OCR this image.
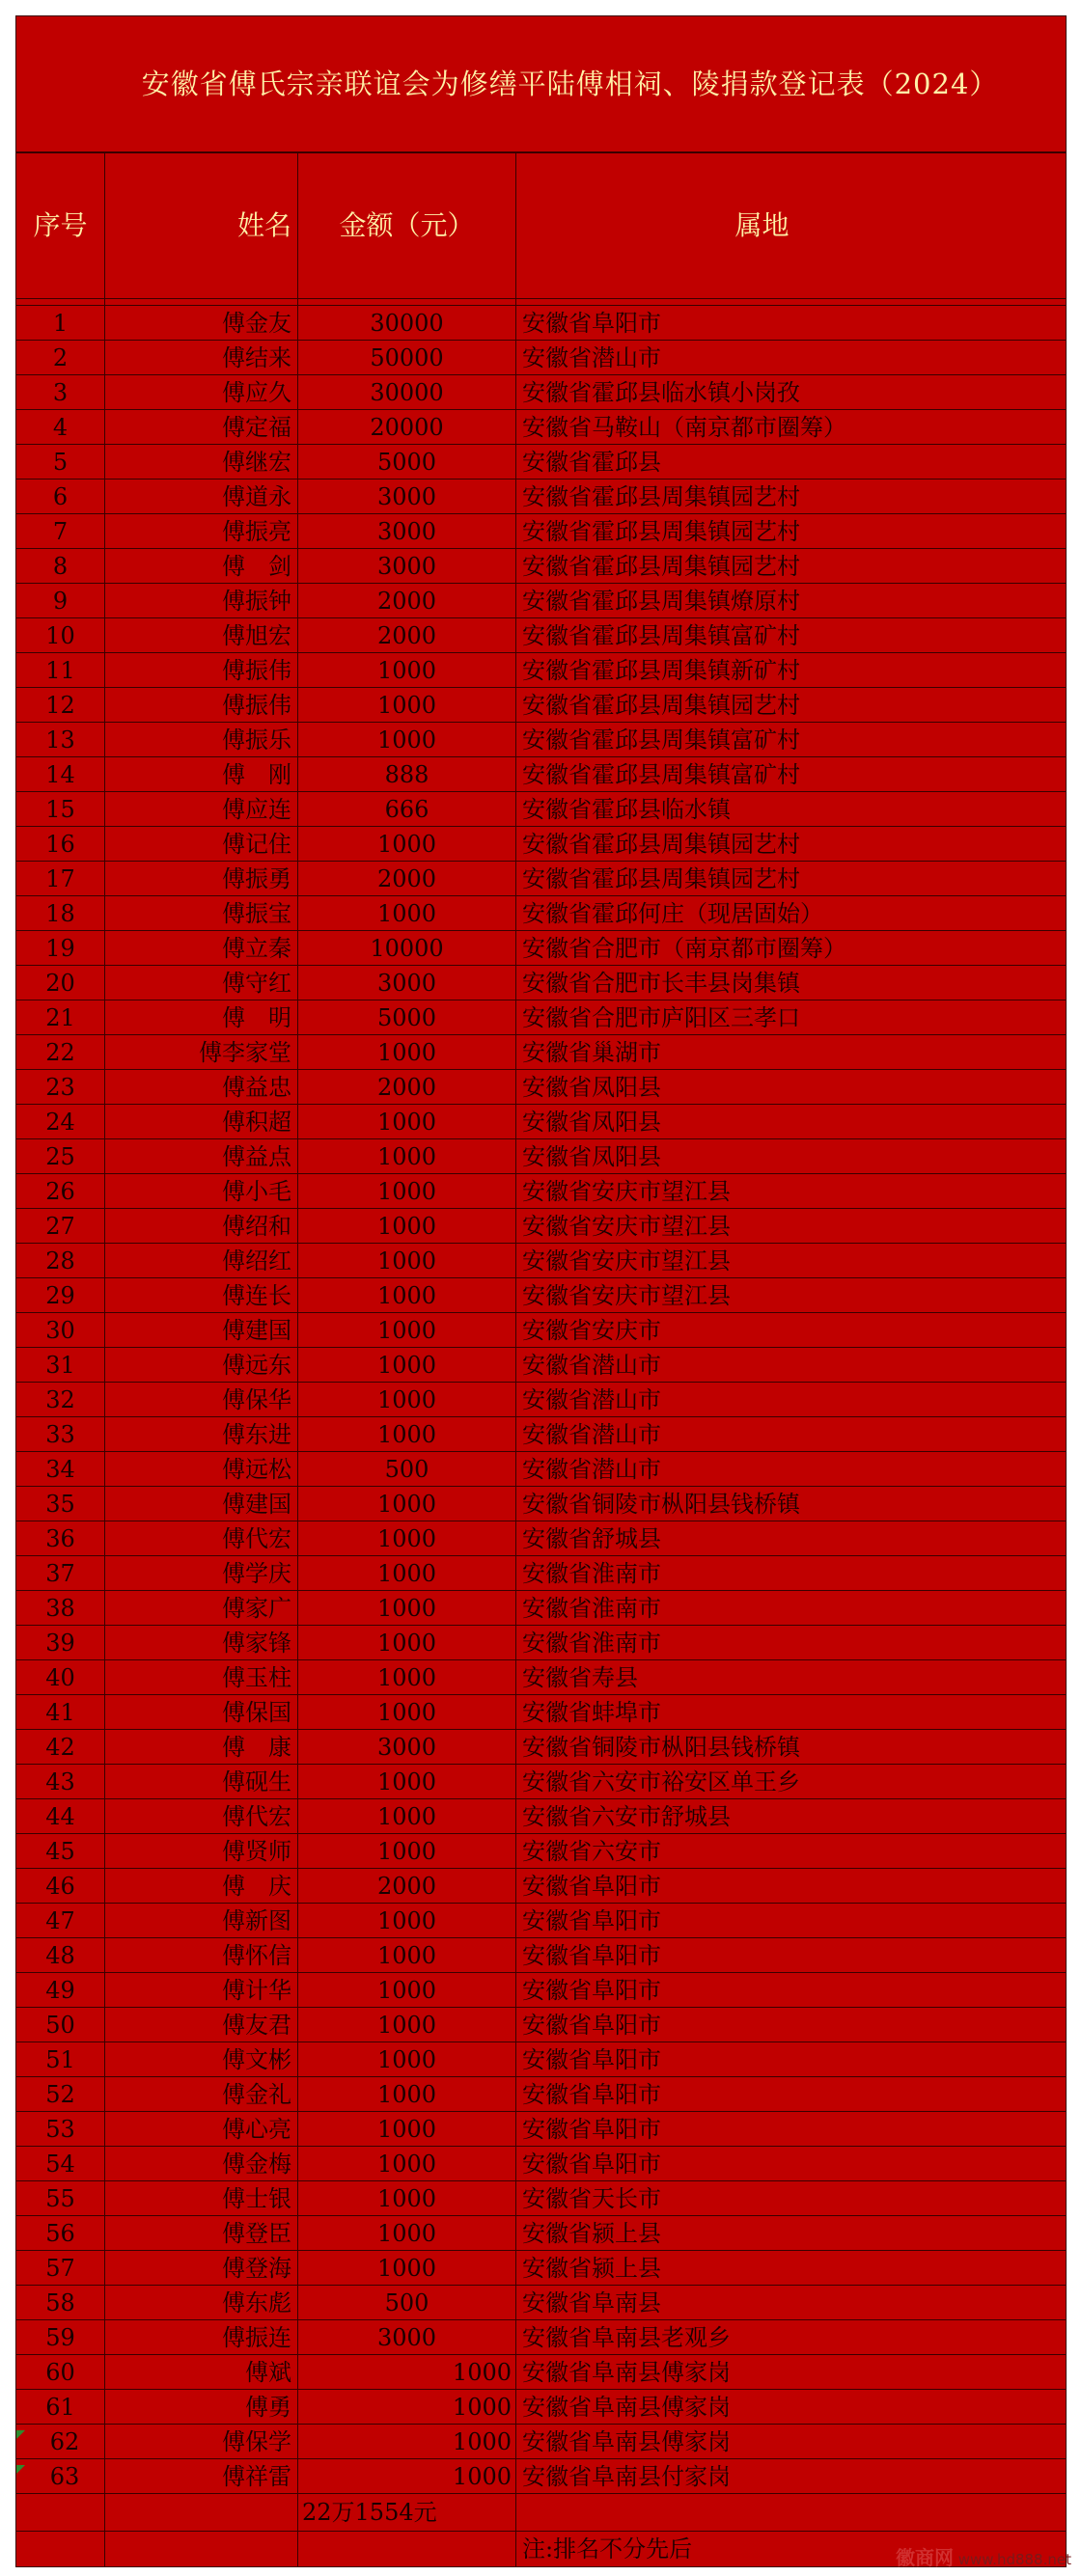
安徽省傅氏宗亲联谊会为修缮平陆傅相祠、陵捐款登记表（2024）			
序号	姓名	金额（元）	属地

1	傅金友	30000	安徽省阜阳市
2	傅结来	50000	安徽省潜山市
3	傅应久	30000	安徽省霍邱县临水镇小岗孜
4	傅定福	20000	安徽省马鞍山（南京都市圈筹）
5	傅继宏	5000	安徽省霍邱县
6	傅道永	3000	安徽省霍邱县周集镇园艺村
7	傅振亮	3000	安徽省霍邱县周集镇园艺村
8	傅　剑	3000	安徽省霍邱县周集镇园艺村
9	傅振钟	2000	安徽省霍邱县周集镇燎原村
10	傅旭宏	2000	安徽省霍邱县周集镇富矿村
11	傅振伟	1000	安徽省霍邱县周集镇新矿村
12	傅振伟	1000	安徽省霍邱县周集镇园艺村
13	傅振乐	1000	安徽省霍邱县周集镇富矿村
14	傅　刚	888	安徽省霍邱县周集镇富矿村
15	傅应连	666	安徽省霍邱县临水镇
16	傅记住	1000	安徽省霍邱县周集镇园艺村
17	傅振勇	2000	安徽省霍邱县周集镇园艺村
18	傅振宝	1000	安徽省霍邱何庄（现居固始）
19	傅立秦	10000	安徽省合肥市（南京都市圈筹）
20	傅守红	3000	安徽省合肥市长丰县岗集镇
21	傅　明	5000	安徽省合肥市庐阳区三孝口
22	傅李家堂	1000	安徽省巢湖市
23	傅益忠	2000	安徽省凤阳县
24	傅积超	1000	安徽省凤阳县
25	傅益点	1000	安徽省凤阳县
26	傅小毛	1000	安徽省安庆市望江县
27	傅绍和	1000	安徽省安庆市望江县
28	傅绍红	1000	安徽省安庆市望江县
29	傅连长	1000	安徽省安庆市望江县
30	傅建国	1000	安徽省安庆市
31	傅远东	1000	安徽省潜山市
32	傅保华	1000	安徽省潜山市
33	傅东进	1000	安徽省潜山市
34	傅远松	500	安徽省潜山市
35	傅建国	1000	安徽省铜陵市枞阳县钱桥镇
36	傅代宏	1000	安徽省舒城县
37	傅学庆	1000	安徽省淮南市
38	傅家广	1000	安徽省淮南市
39	傅家锋	1000	安徽省淮南市
40	傅玉柱	1000	安徽省寿县
41	傅保国	1000	安徽省蚌埠市
42	傅　康	3000	安徽省铜陵市枞阳县钱桥镇
43	傅砚生	1000	安徽省六安市裕安区单王乡
44	傅代宏	1000	安徽省六安市舒城县
45	傅贤师	1000	安徽省六安市
46	傅　庆	2000	安徽省阜阳市
47	傅新图	1000	安徽省阜阳市
48	傅怀信	1000	安徽省阜阳市
49	傅计华	1000	安徽省阜阳市
50	傅友君	1000	安徽省阜阳市
51	傅文彬	1000	安徽省阜阳市
52	傅金礼	1000	安徽省阜阳市
53	傅心亮	1000	安徽省阜阳市
54	傅金梅	1000	安徽省阜阳市
55	傅士银	1000	安徽省天长市
56	傅登臣	1000	安徽省颍上县
57	傅登海	1000	安徽省颍上县
58	傅东彪	500	安徽省阜南县
59	傅振连	3000	安徽省阜南县老观乡
60	傅斌	1000	安徽省阜南县傅家岗
61	傅勇	1000	安徽省阜南县傅家岗

62	傅保学	1000	安徽省阜南县傅家岗

63	傅祥雷	1000	安徽省阜南县付家岗
		22万1554元	
			注:排名不分先后	徽商网 www.hd888.net
